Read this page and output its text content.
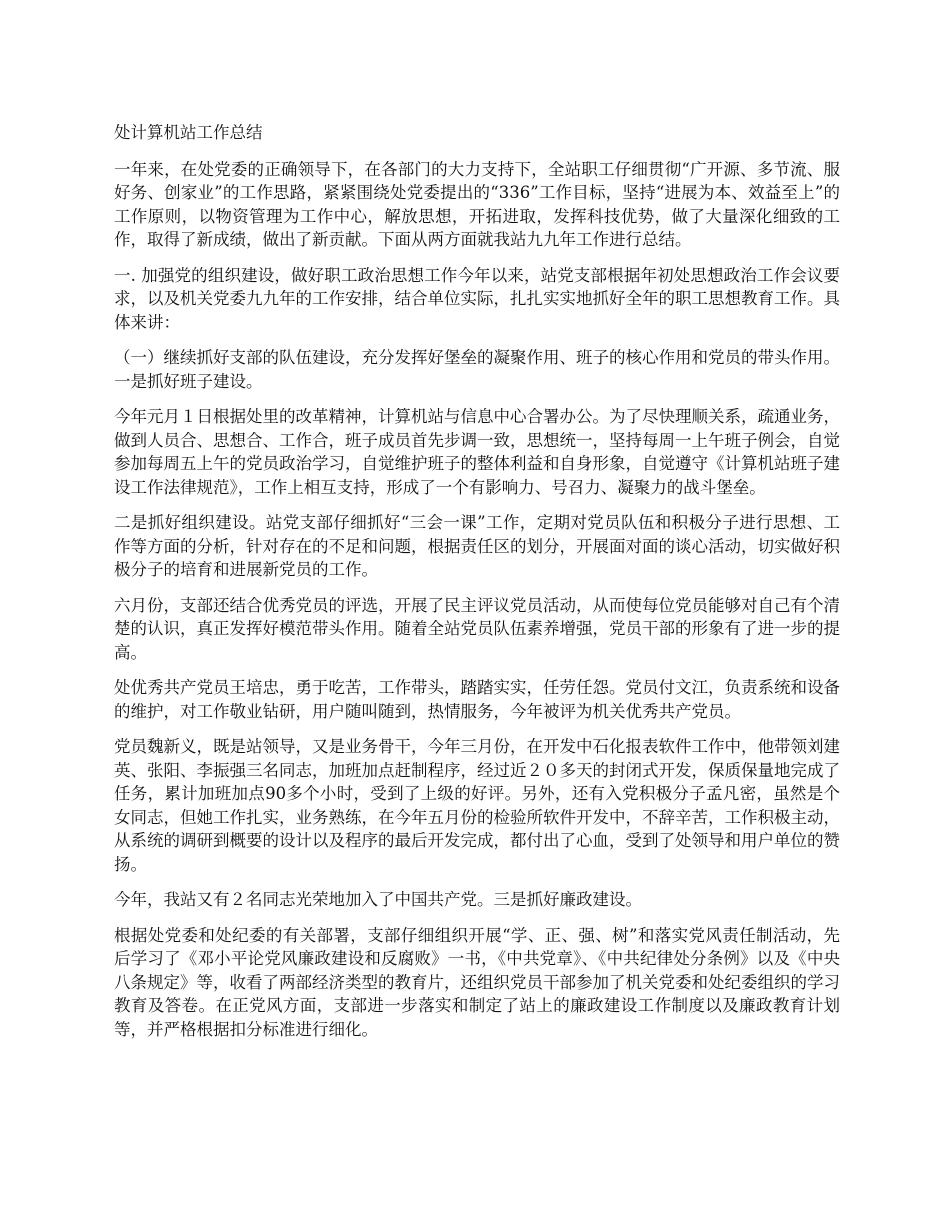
处计算机站工作总结

一年来，在处党委的正确领导下，在各部门的大力支持下，全站职工仔细贯彻“广开源、多节流、服好务、创家业”的工作思路，紧紧围绕处党委提出的“336”工作目标，坚持“进展为本、效益至上”的工作原则，以物资管理为工作中心，解放思想，开拓进取，发挥科技优势，做了大量深化细致的工作，取得了新成绩，做出了新贡献。下面从两方面就我站九九年工作进行总结。

一. 加强党的组织建设，做好职工政治思想工作今年以来，站党支部根据年初处思想政治工作会议要求，以及机关党委九九年的工作安排，结合单位实际，扎扎实实地抓好全年的职工思想教育工作。具体来讲：

（一）继续抓好支部的队伍建设，充分发挥好堡垒的凝聚作用、班子的核心作用和党员的带头作用。一是抓好班子建设。

今年元月１日根据处里的改革精神，计算机站与信息中心合署办公。为了尽快理顺关系，疏通业务，做到人员合、思想合、工作合，班子成员首先步调一致，思想统一，坚持每周一上午班子例会，自觉参加每周五上午的党员政治学习，自觉维护班子的整体利益和自身形象，自觉遵守《计算机站班子建设工作法律规范》，工作上相互支持，形成了一个有影响力、号召力、凝聚力的战斗堡垒。

二是抓好组织建设。站党支部仔细抓好“三会一课”工作，定期对党员队伍和积极分子进行思想、工作等方面的分析，针对存在的不足和问题，根据责任区的划分，开展面对面的谈心活动，切实做好积极分子的培育和进展新党员的工作。

六月份，支部还结合优秀党员的评选，开展了民主评议党员活动，从而使每位党员能够对自己有个清楚的认识，真正发挥好模范带头作用。随着全站党员队伍素养增强，党员干部的形象有了进一步的提高。

处优秀共产党员王培忠，勇于吃苦，工作带头，踏踏实实，任劳任怨。党员付文江，负责系统和设备的维护，对工作敬业钻研，用户随叫随到，热情服务，今年被评为机关优秀共产党员。

党员魏新义，既是站领导，又是业务骨干，今年三月份，在开发中石化报表软件工作中，他带领刘建英、张阳、李振强三名同志，加班加点赶制程序，经过近２０多天的封闭式开发，保质保量地完成了任务，累计加班加点90多个小时，受到了上级的好评。另外，还有入党积极分子孟凡密，虽然是个女同志，但她工作扎实，业务熟练，在今年五月份的检验所软件开发中，不辞辛苦，工作积极主动，从系统的调研到概要的设计以及程序的最后开发完成，都付出了心血，受到了处领导和用户单位的赞扬。

今年，我站又有２名同志光荣地加入了中国共产党。三是抓好廉政建设。

根据处党委和处纪委的有关部署，支部仔细组织开展“学、正、强、树”和落实党风责任制活动，先后学习了《邓小平论党风廉政建设和反腐败》一书，《中共党章》、《中共纪律处分条例》以及《中央八条规定》等，收看了两部经济类型的教育片，还组织党员干部参加了机关党委和处纪委组织的学习教育及答卷。在正党风方面，支部进一步落实和制定了站上的廉政建设工作制度以及廉政教育计划等，并严格根据扣分标准进行细化。
